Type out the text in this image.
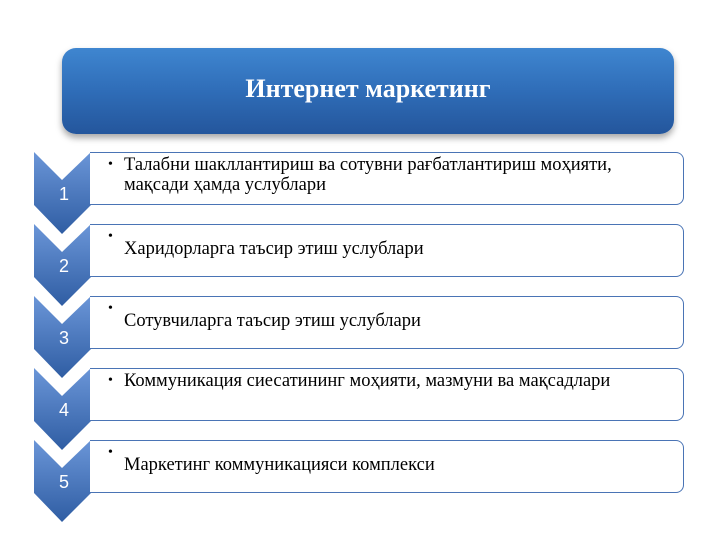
Интернет маркетинг
1
2
3
4
5
• Талабни шакллантириш ва сотувни рағбатлантириш моҳияти, мақсади ҳамда услублари
•
Харидорларга таъсир этиш услублари
•
Сотувчиларга таъсир этиш услублари
• Коммуникация сиесатининг моҳияти, мазмуни ва мақсадлари
•
Маркетинг коммуникацияси комплекси
